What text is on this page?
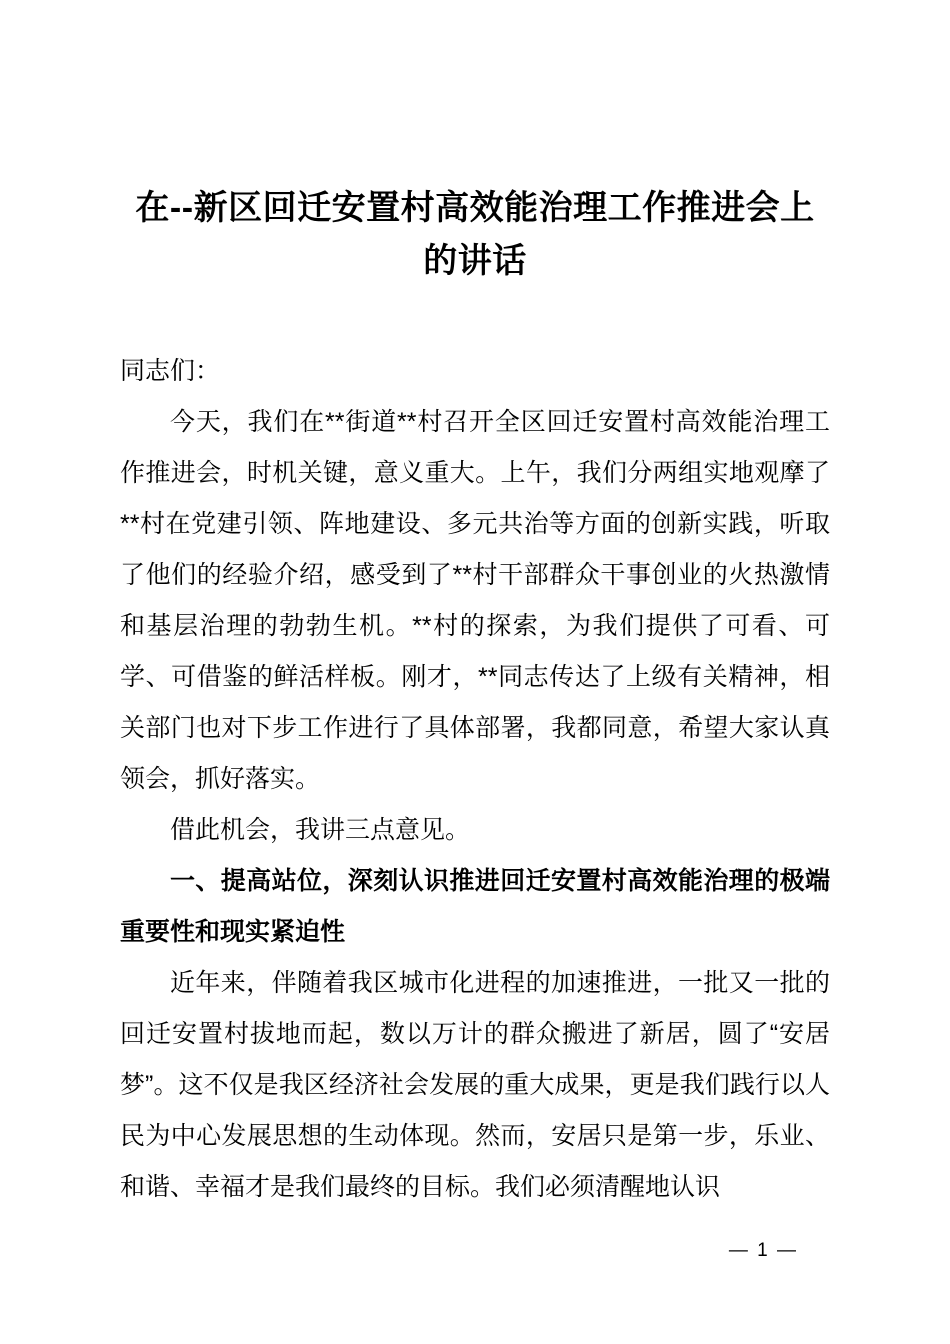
在--新区回迁安置村高效能治理工作推进会上的讲话

同志们：

今天，我们在**街道**村召开全区回迁安置村高效能治理工作推进会，时机关键，意义重大。上午，我们分两组实地观摩了**村在党建引领、阵地建设、多元共治等方面的创新实践，听取了他们的经验介绍，感受到了**村干部群众干事创业的火热激情和基层治理的勃勃生机。**村的探索，为我们提供了可看、可学、可借鉴的鲜活样板。刚才，**同志传达了上级有关精神，相关部门也对下步工作进行了具体部署，我都同意，希望大家认真领会，抓好落实。

借此机会，我讲三点意见。

一、提高站位，深刻认识推进回迁安置村高效能治理的极端重要性和现实紧迫性

近年来，伴随着我区城市化进程的加速推进，一批又一批的回迁安置村拔地而起，数以万计的群众搬进了新居，圆了“安居梦”。这不仅是我区经济社会发展的重大成果，更是我们践行以人民为中心发展思想的生动体现。然而，安居只是第一步，乐业、和谐、幸福才是我们最终的目标。我们必须清醒地认识

— 1 —
